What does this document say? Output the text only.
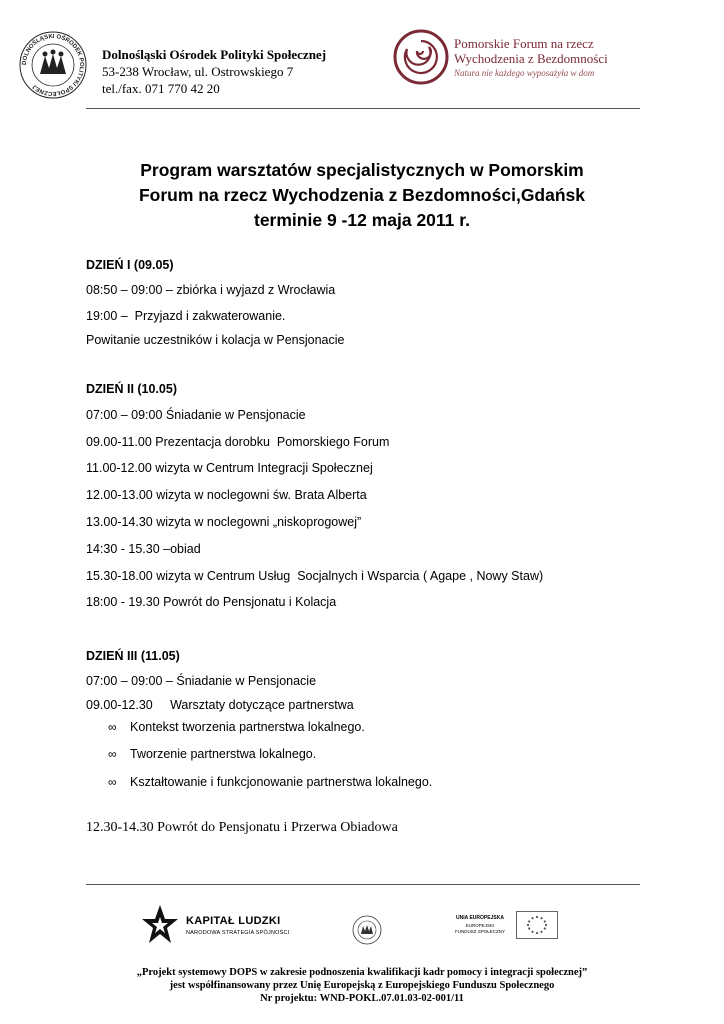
DOLNOŚLĄSKI OŚRODEK POLITYKI SPOŁECZNEJ
Dolnośląski Ośrodek Polityki Społecznej
53-238 Wrocław, ul. Ostrowskiego 7
tel./fax. 071 770 42 20
Pomorskie Forum na rzecz
Wychodzenia z Bezdomności
Natura nie każdego wyposażyła w dom
Program warsztatów specjalistycznych w Pomorskim
Forum na rzecz Wychodzenia z Bezdomności,Gdańsk
terminie 9 -12 maja 2011 r.
DZIEŃ I (09.05)
08:50 – 09:00 – zbiórka i wyjazd z Wrocławia
19:00 –  Przyjazd i zakwaterowanie.
Powitanie uczestników i kolacja w Pensjonacie
DZIEŃ II (10.05)
07:00 – 09:00 Śniadanie w Pensjonacie
09.00-11.00 Prezentacja dorobku  Pomorskiego Forum
11.00-12.00 wizyta w Centrum Integracji Społecznej
12.00-13.00 wizyta w noclegowni św. Brata Alberta
13.00-14.30 wizyta w noclegowni „niskoprogowej”
14:30 - 15.30 –obiad
15.30-18.00 wizyta w Centrum Usług  Socjalnych i Wsparcia ( Agape , Nowy Staw)
18:00 - 19.30 Powrót do Pensjonatu i Kolacja
DZIEŃ III (11.05)
07:00 – 09:00 – Śniadanie w Pensjonacie
09.00-12.30     Warsztaty dotyczące partnerstwa
∞ Kontekst tworzenia partnerstwa lokalnego.
∞ Tworzenie partnerstwa lokalnego.
∞ Kształtowanie i funkcjonowanie partnerstwa lokalnego.
12.30-14.30 Powrót do Pensjonatu i Przerwa Obiadowa
KAPITAŁ LUDZKI
NARODOWA STRATEGIA SPÓJNOŚCI
UNIA EUROPEJSKA
EUROPEJSKI
FUNDUSZ SPOŁECZNY
„Projekt systemowy DOPS w zakresie podnoszenia kwalifikacji kadr pomocy i integracji społecznej”
jest współfinansowany przez Unię Europejską z Europejskiego Funduszu Społecznego
Nr projektu: WND-POKL.07.01.03-02-001/11
